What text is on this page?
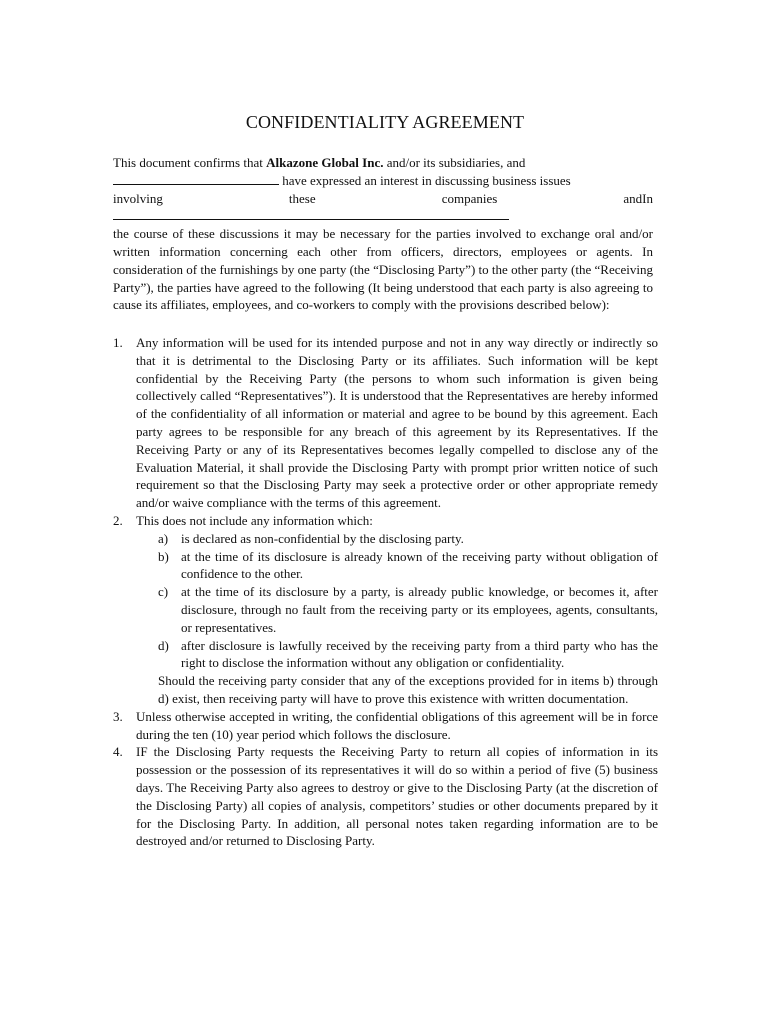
CONFIDENTIALITY AGREEMENT
This document confirms that Alkazone Global Inc. and/or its subsidiaries, and
have expressed an interest in discussing business issues
involving these companies and In

the course of these discussions it may be necessary for the parties involved to exchange oral and/or written information concerning each other from officers, directors, employees or agents. In consideration of the furnishings by one party (the “Disclosing Party”) to the other party (the “Receiving Party”), the parties have agreed to the following (It being understood that each party is also agreeing to cause its affiliates, employees, and co-workers to comply with the provisions described below):

1. Any information will be used for its intended purpose and not in any way directly or indirectly so that it is detrimental to the Disclosing Party or its affiliates. Such information will be kept confidential by the Receiving Party (the persons to whom such information is given being collectively called “Representatives”). It is understood that the Representatives are hereby informed of the confidentiality of all information or material and agree to be bound by this agreement. Each party agrees to be responsible for any breach of this agreement by its Representatives. If the Receiving Party or any of its Representatives becomes legally compelled to disclose any of the Evaluation Material, it shall provide the Disclosing Party with prompt prior written notice of such requirement so that the Disclosing Party may seek a protective order or other appropriate remedy and/or waive compliance with the terms of this agreement.
2. This does not include any information which:
a) is declared as non-confidential by the disclosing party.
b) at the time of its disclosure is already known of the receiving party without obligation of confidence to the other.
c) at the time of its disclosure by a party, is already public knowledge, or becomes it, after disclosure, through no fault from the receiving party or its employees, agents, consultants, or representatives.
d) after disclosure is lawfully received by the receiving party from a third party who has the right to disclose the information without any obligation or confidentiality.
Should the receiving party consider that any of the exceptions provided for in items b) through d) exist, then receiving party will have to prove this existence with written documentation.
3. Unless otherwise accepted in writing, the confidential obligations of this agreement will be in force during the ten (10) year period which follows the disclosure.
4. IF the Disclosing Party requests the Receiving Party to return all copies of information in its possession or the possession of its representatives it will do so within a period of five (5) business days. The Receiving Party also agrees to destroy or give to the Disclosing Party (at the discretion of the Disclosing Party) all copies of analysis, competitors’ studies or other documents prepared by it for the Disclosing Party. In addition, all personal notes taken regarding information are to be destroyed and/or returned to Disclosing Party.
